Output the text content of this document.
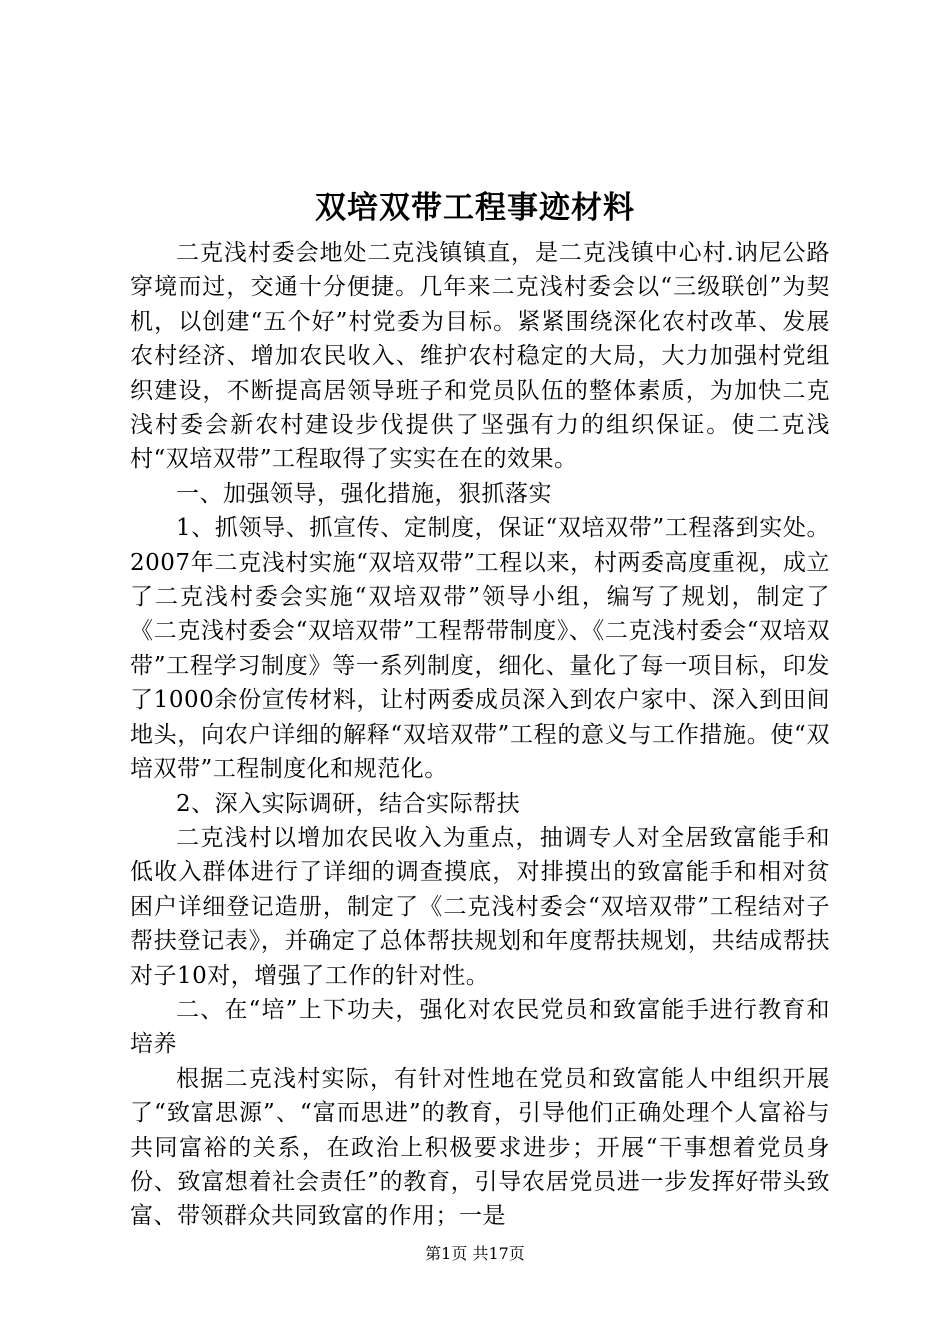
双培双带工程事迹材料

二克浅村委会地处二克浅镇镇直，是二克浅镇中心村.讷尼公路穿境而过，交通十分便捷。几年来二克浅村委会以“三级联创”为契机，以创建“五个好”村党委为目标。紧紧围绕深化农村改革、发展农村经济、增加农民收入、维护农村稳定的大局，大力加强村党组织建设，不断提高居领导班子和党员队伍的整体素质，为加快二克浅村委会新农村建设步伐提供了坚强有力的组织保证。使二克浅村“双培双带”工程取得了实实在在的效果。

一、加强领导，强化措施，狠抓落实

1、抓领导、抓宣传、定制度，保证“双培双带”工程落到实处。2007年二克浅村实施“双培双带”工程以来，村两委高度重视，成立了二克浅村委会实施“双培双带”领导小组，编写了规划，制定了《二克浅村委会“双培双带”工程帮带制度》、《二克浅村委会“双培双带”工程学习制度》等一系列制度，细化、量化了每一项目标，印发了1000余份宣传材料，让村两委成员深入到农户家中、深入到田间地头，向农户详细的解释“双培双带”工程的意义与工作措施。使“双培双带”工程制度化和规范化。

2、深入实际调研，结合实际帮扶

二克浅村以增加农民收入为重点，抽调专人对全居致富能手和低收入群体进行了详细的调查摸底，对排摸出的致富能手和相对贫困户详细登记造册，制定了《二克浅村委会“双培双带”工程结对子帮扶登记表》，并确定了总体帮扶规划和年度帮扶规划，共结成帮扶对子10对，增强了工作的针对性。

二、在“培”上下功夫，强化对农民党员和致富能手进行教育和培养

根据二克浅村实际，有针对性地在党员和致富能人中组织开展了“致富思源”、“富而思进”的教育，引导他们正确处理个人富裕与共同富裕的关系，在政治上积极要求进步；开展“干事想着党员身份、致富想着社会责任”的教育，引导农居党员进一步发挥好带头致富、带领群众共同致富的作用；一是

第1页 共17页
